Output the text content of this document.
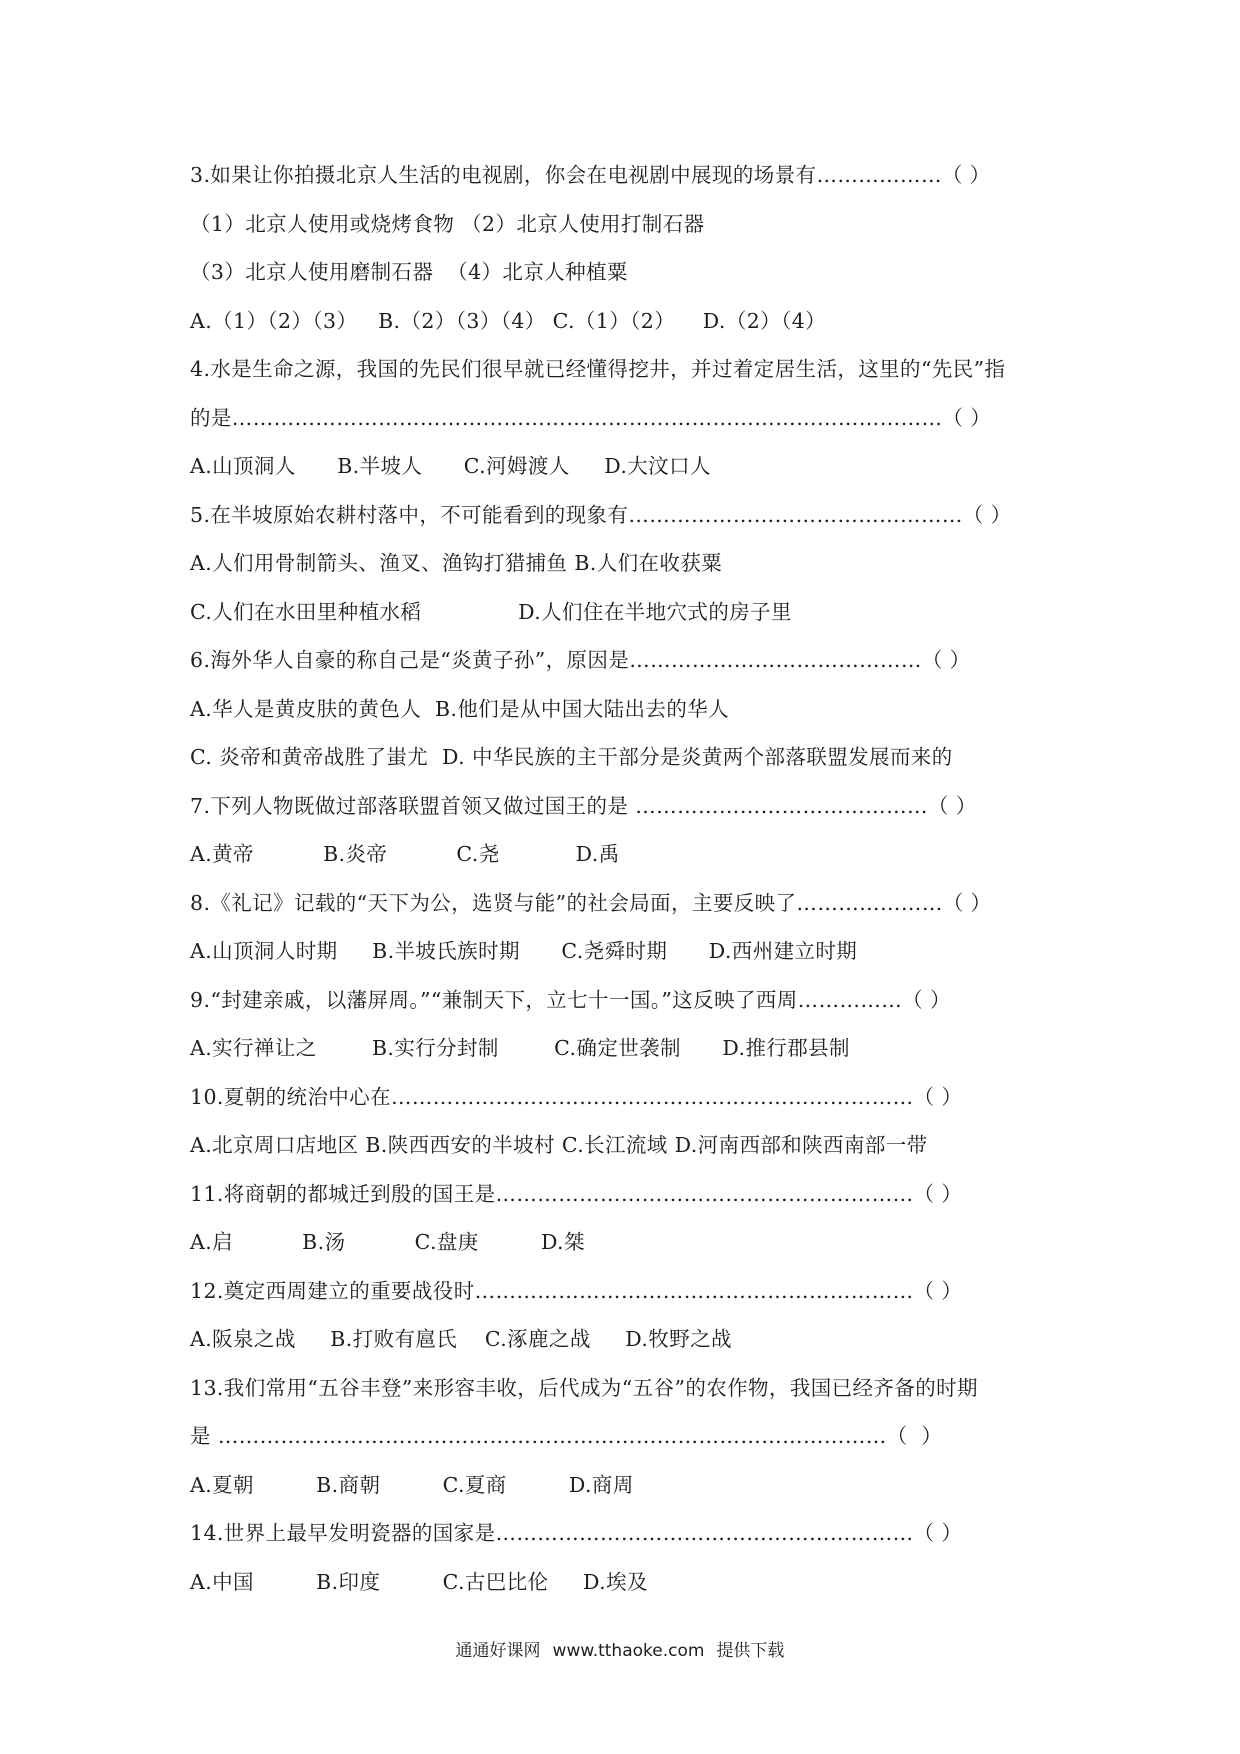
3.如果让你拍摄北京人生活的电视剧，你会在电视剧中展现的场景有………………（ ）
（1）北京人使用或烧烤食物 （2）北京人使用打制石器
（3）北京人使用磨制石器  （4）北京人种植粟
A.（1）（2）（3）   B.（2）（3）（4） C.（1）（2）    D.（2）（4）
4.水是生命之源，我国的先民们很早就已经懂得挖井，并过着定居生活，这里的“先民”指
的是…………………………………………………………………………………………（ ）
A.山顶洞人      B.半坡人      C.河姆渡人     D.大汶口人
5.在半坡原始农耕村落中，不可能看到的现象有…………………………………………（ ）
A.人们用骨制箭头、渔叉、渔钩打猎捕鱼 B.人们在收获粟
C.人们在水田里种植水稻              D.人们住在半地穴式的房子里
6.海外华人自豪的称自己是“炎黄子孙”，原因是……………………………………（ ）
A.华人是黄皮肤的黄色人  B.他们是从中国大陆出去的华人
C. 炎帝和黄帝战胜了蚩尤  D. 中华民族的主干部分是炎黄两个部落联盟发展而来的
7.下列人物既做过部落联盟首领又做过国王的是 ……………………………………（ ）
A.黄帝          B.炎帝          C.尧           D.禹
8.《礼记》记载的“天下为公，选贤与能”的社会局面，主要反映了…………………（ ）
A.山顶洞人时期     B.半坡氏族时期      C.尧舜时期      D.西州建立时期
9.“封建亲戚，以藩屏周。”“兼制天下，立七十一国。”这反映了西周……………（ ）
A.实行禅让之        B.实行分封制        C.确定世袭制      D.推行郡县制
10.夏朝的统治中心在…………………………………………………………………（ ）
A.北京周口店地区 B.陕西西安的半坡村 C.长江流域 D.河南西部和陕西南部一带
11.将商朝的都城迁到殷的国王是……………………………………………………（ ）
A.启          B.汤          C.盘庚         D.桀
12.奠定西周建立的重要战役时………………………………………………………（ ）
A.阪泉之战     B.打败有扈氏    C.涿鹿之战     D.牧野之战
13.我们常用“五谷丰登”来形容丰收，后代成为“五谷”的农作物，我国已经齐备的时期
是 ……………………………………………………………………………………（  ）
A.夏朝         B.商朝         C.夏商         D.商周
14.世界上最早发明瓷器的国家是……………………………………………………（ ）
A.中国         B.印度         C.古巴比伦     D.埃及
通通好课网 www.tthaoke.com 提供下载
